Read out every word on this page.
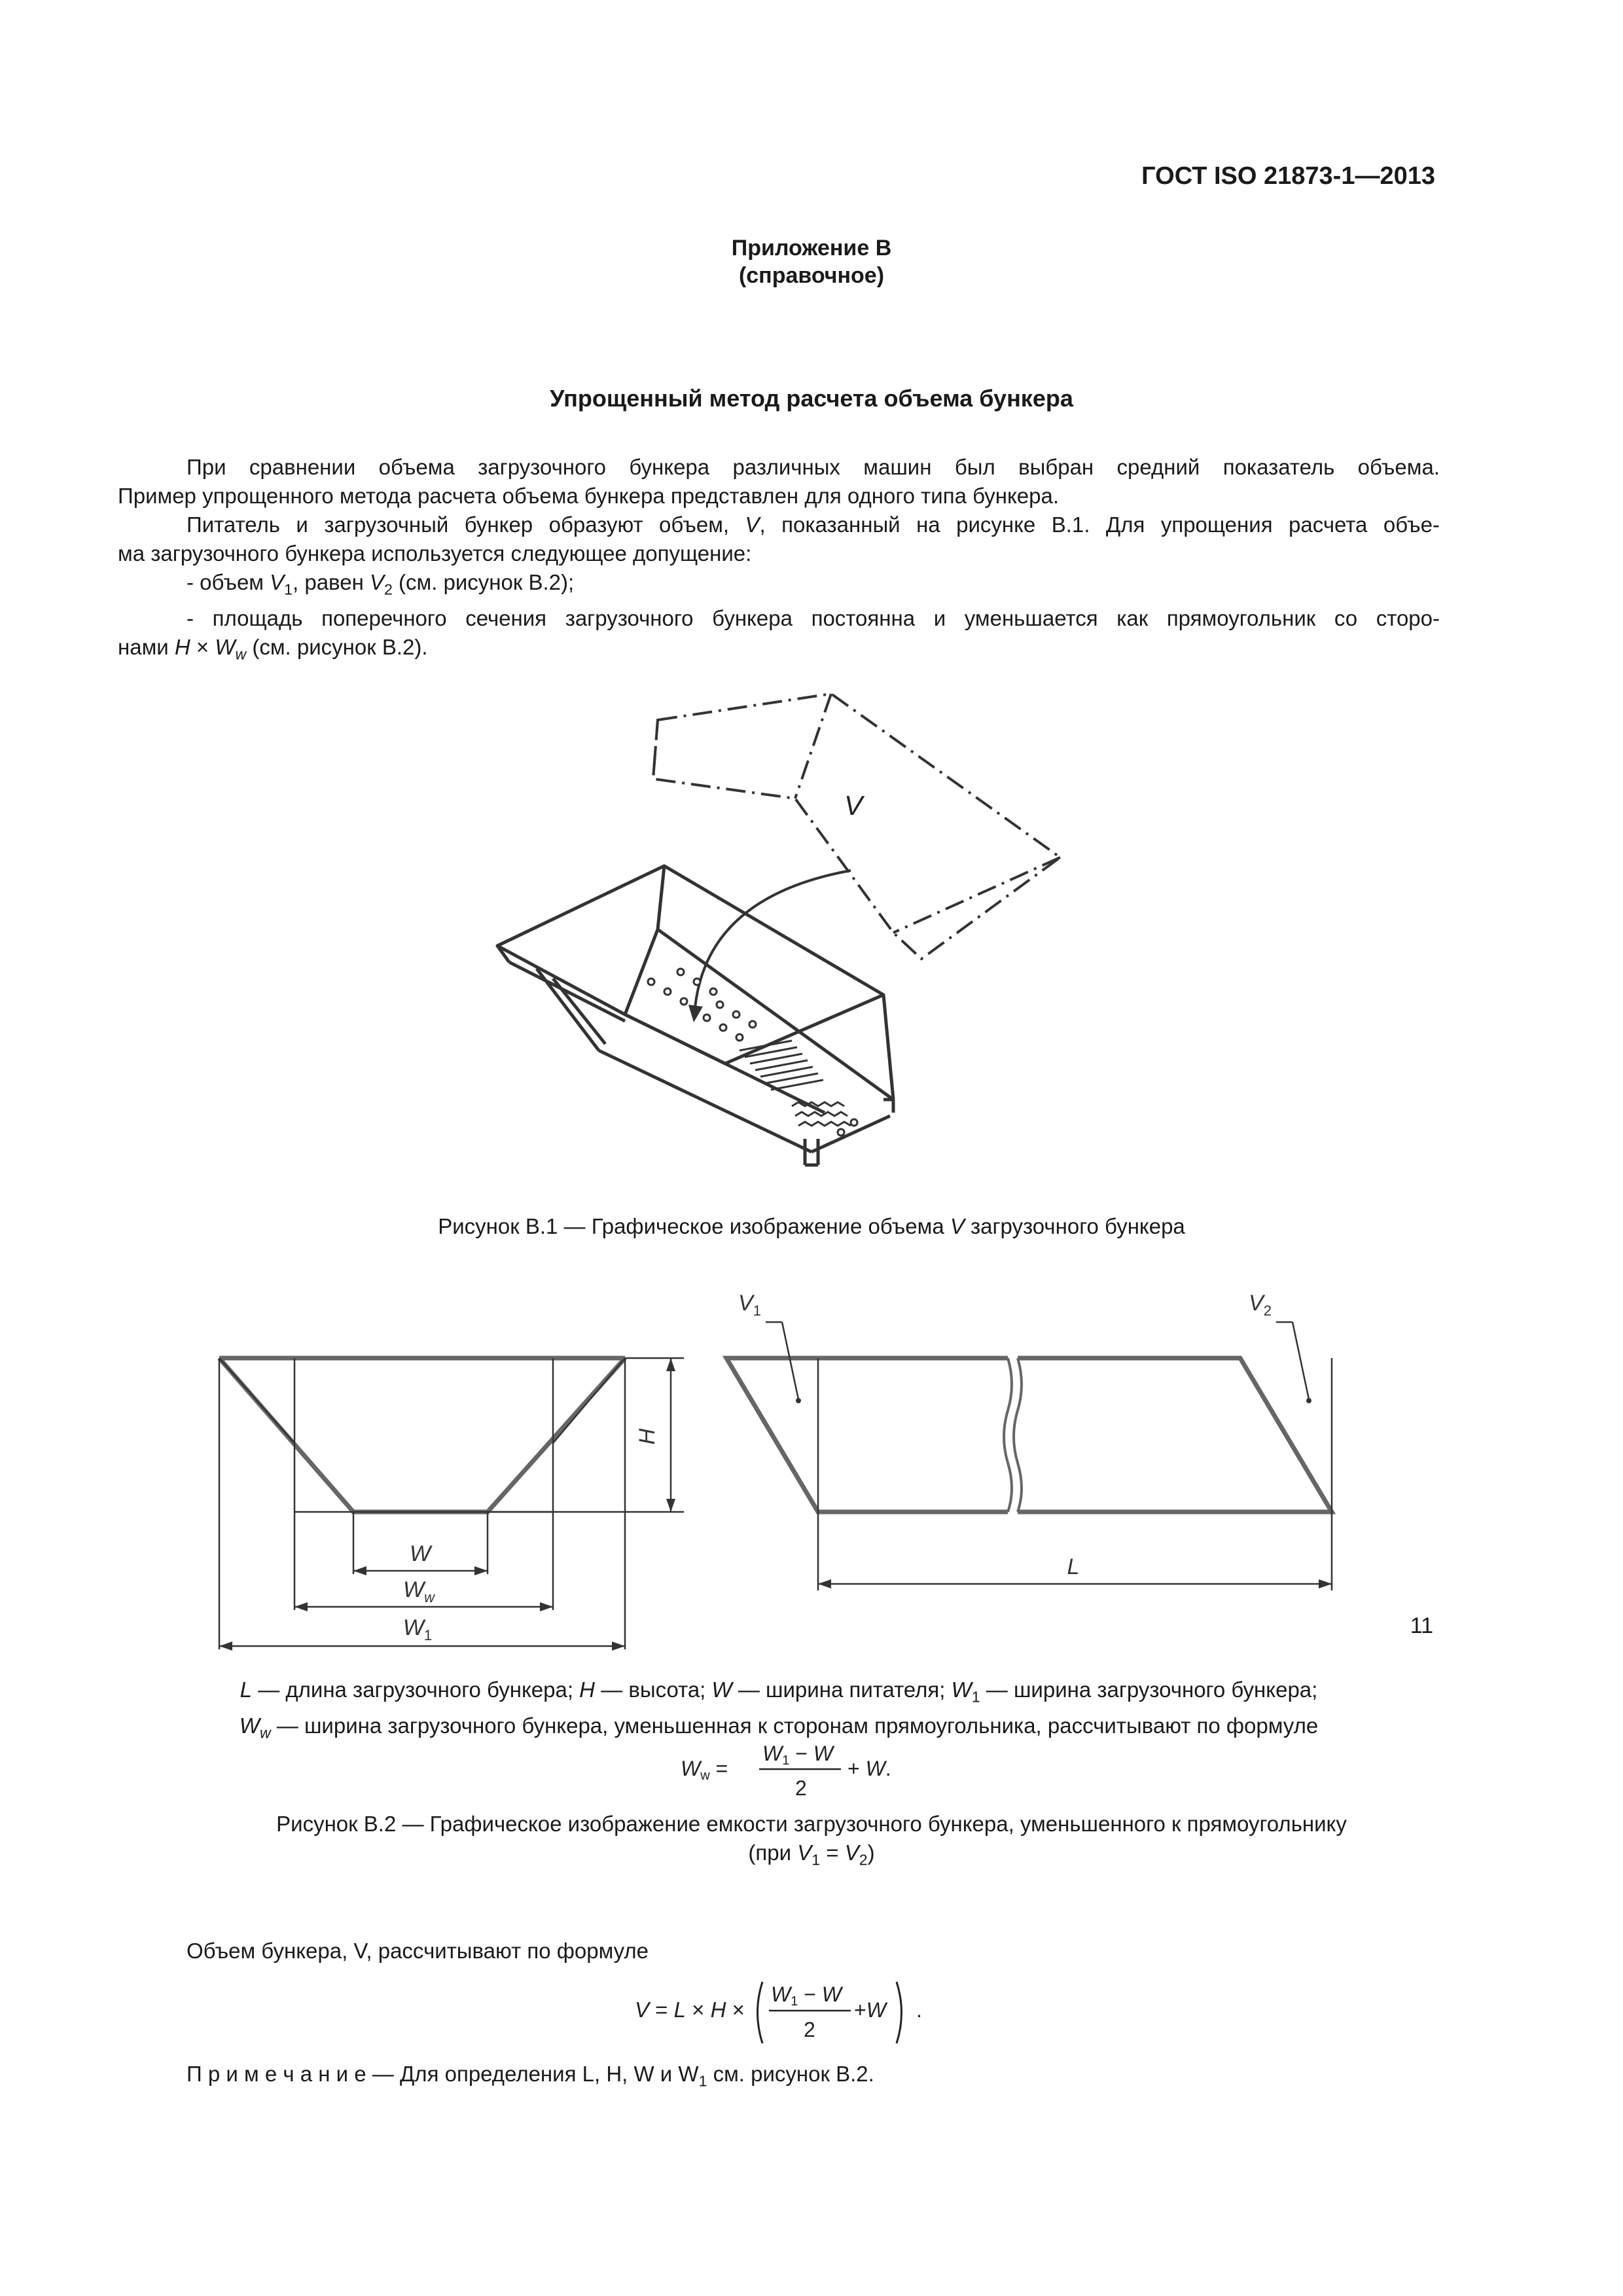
ГОСТ ISO 21873-1—2013
Приложение В
(справочное)
Упрощенный метод расчета объема бункера

При сравнении объема загрузочного бункера различных машин был выбран средний показатель объема.

Пример упрощенного метода расчета объема бункера представлен для одного типа бункера.

Питатель и загрузочный бункер образуют объем, V, показанный на рисунке В.1. Для упрощения расчета объе-

ма загрузочного бункера используется следующее допущение:

- объем $V_1$, равен $V_2$ (см. рисунок В.2);

- площадь поперечного сечения загрузочного бункера постоянна и уменьшается как прямоугольник со сторо-

нами $H \times W_w$ (см. рисунок В.2).

V
Рисунок В.1 — Графическое изображение объема V загрузочного бункера
H
W
$W_w$
$W_1$
L
$V_1$	$V_2$

L — длина загрузочного бункера; H — высота; W — ширина питателя; $W_1$ — ширина загрузочного бункера;

$W_w$ — ширина загрузочного бункера, уменьшенная к сторонам прямоугольника, рассчитывают по формуле

Ww =
W1 − W
2
+ W.
Рисунок В.2 — Графическое изображение емкости загрузочного бункера, уменьшенного к прямоугольнику
(при $V_1 = V_2$)
Объем бункера, V, рассчитывают по формуле
V = L × H ×
W1 − W
2
+W .
П р и м е ч а н и е — Для определения L, H, W и $W_1$ см. рисунок В.2.
11
